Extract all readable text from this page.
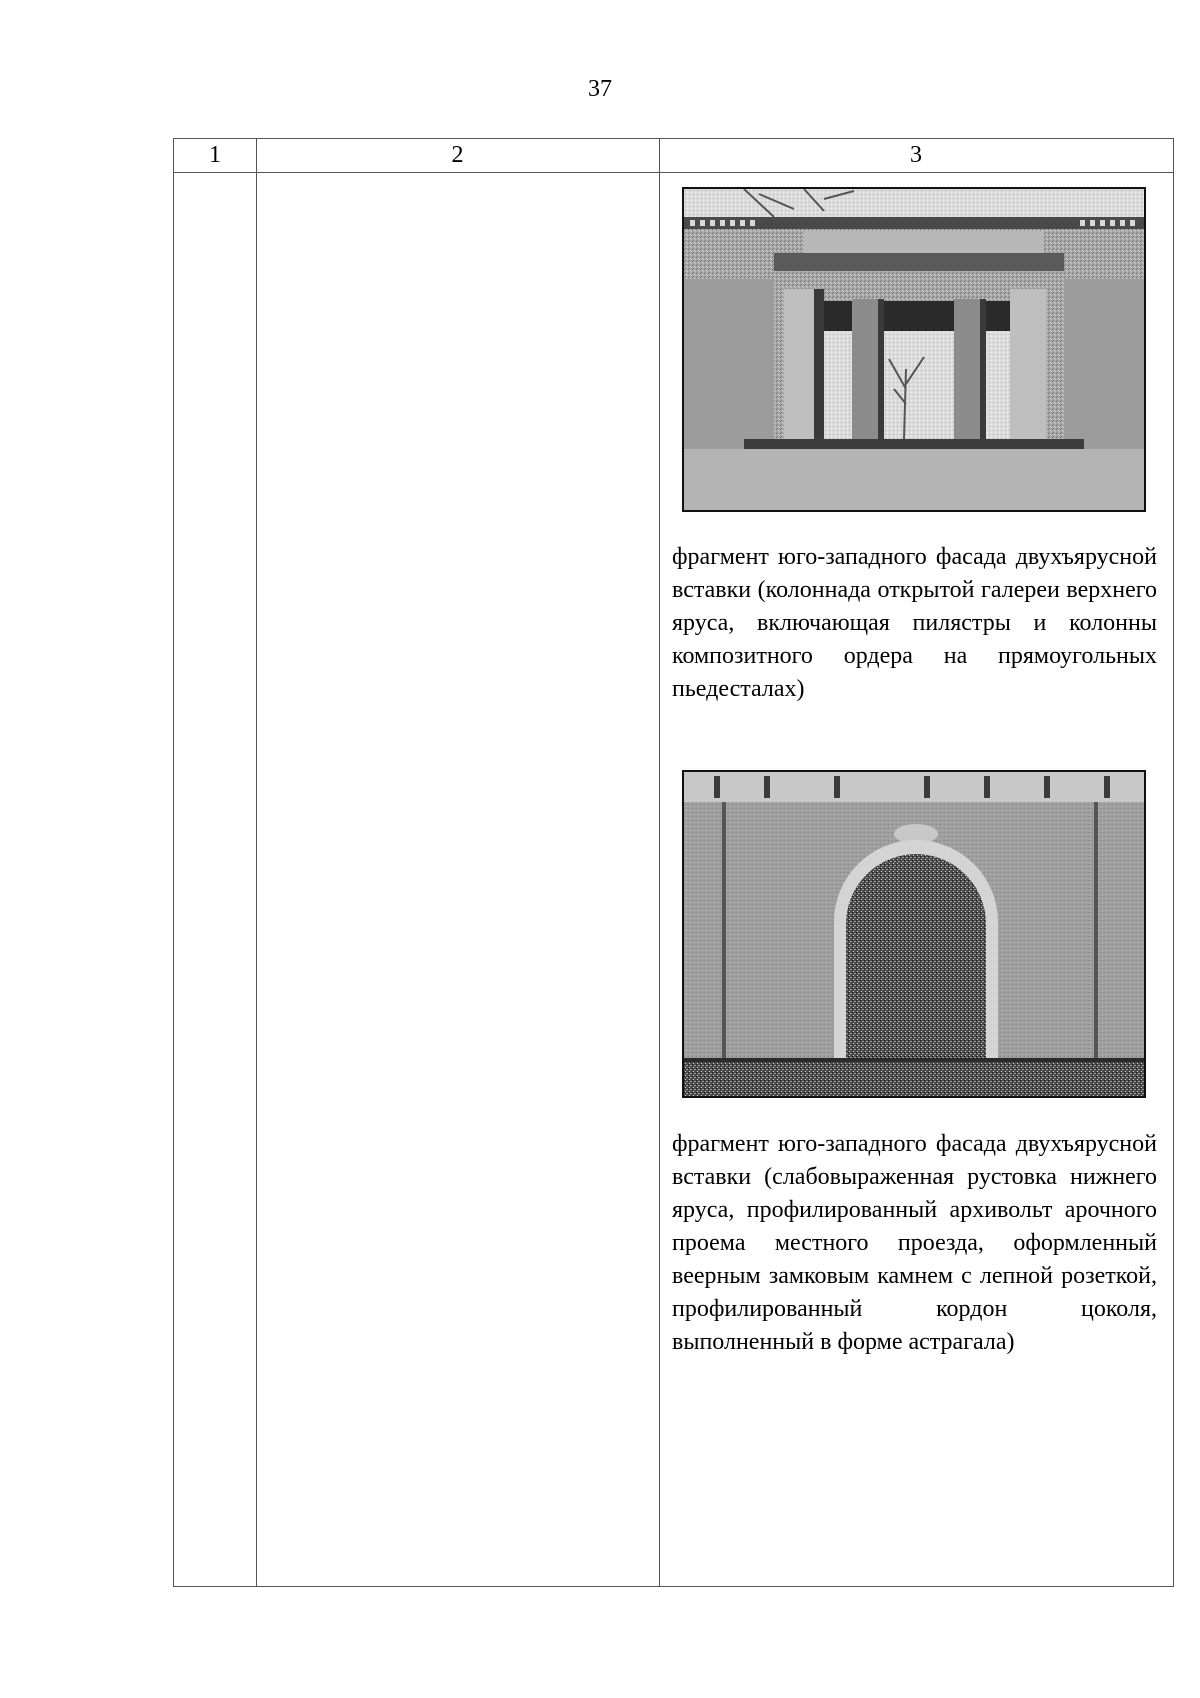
37
1	2	3
фрагмент юго-западного фасада двухъярусной вставки (колоннада открытой галереи верхнего яруса, включающая пилястры и колонны композитного ордера на прямоугольных пьедесталах)
фрагмент юго-западного фасада двухъярусной вставки (слабовыраженная рустовка нижнего яруса, профилированный архивольт арочного проема местного проезда, оформленный веерным замковым камнем с лепной розеткой, профилированный кордон цоколя, выполненный в форме астрагала)
